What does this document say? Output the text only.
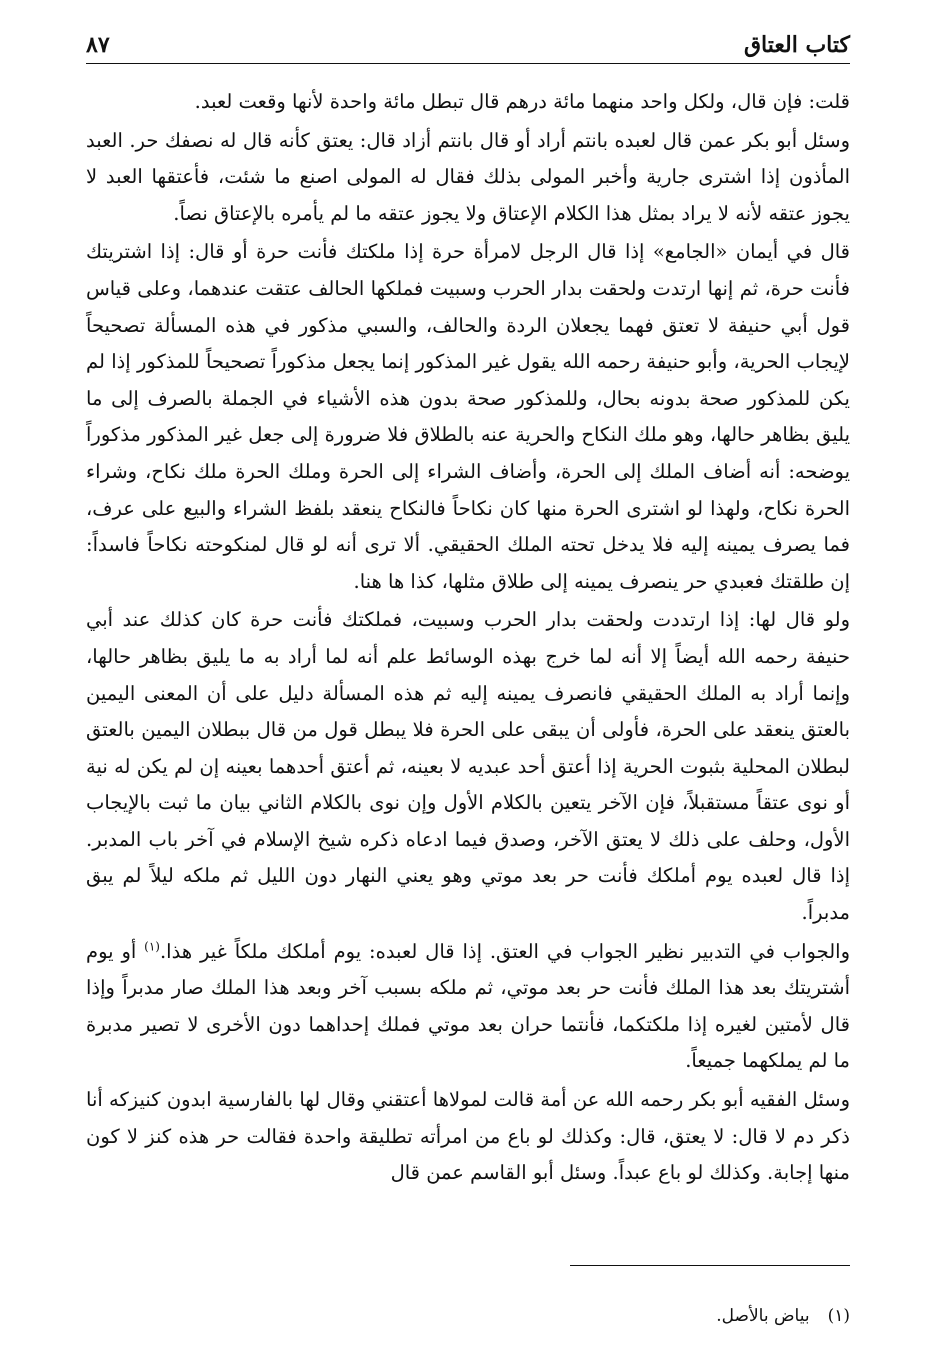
كتاب العتاق
٨٧

قلت: فإن قال، ولكل واحد منهما مائة درهم قال تبطل مائة واحدة لأنها وقعت لعبد.

وسئل أبو بكر عمن قال لعبده بانتم أراد أو قال بانتم أزاد قال: يعتق كأنه قال له نصفك حر. العبد المأذون إذا اشترى جارية وأخبر المولى بذلك فقال له المولى اصنع ما شئت، فأعتقها العبد لا يجوز عتقه لأنه لا يراد بمثل هذا الكلام الإعتاق ولا يجوز عتقه ما لم يأمره بالإعتاق نصاً.

قال في أيمان «الجامع» إذا قال الرجل لامرأة حرة إذا ملكتك فأنت حرة أو قال: إذا اشتريتك فأنت حرة، ثم إنها ارتدت ولحقت بدار الحرب وسبيت فملكها الحالف عتقت عندهما، وعلى قياس قول أبي حنيفة لا تعتق فهما يجعلان الردة والحالف، والسبي مذكور في هذه المسألة تصحيحاً لإيجاب الحرية، وأبو حنيفة رحمه الله يقول غير المذكور إنما يجعل مذكوراً تصحيحاً للمذكور إذا لم يكن للمذكور صحة بدونه بحال، وللمذكور صحة بدون هذه الأشياء في الجملة بالصرف إلى ما يليق بظاهر حالها، وهو ملك النكاح والحرية عنه بالطلاق فلا ضرورة إلى جعل غير المذكور مذكوراً يوضحه: أنه أضاف الملك إلى الحرة، وأضاف الشراء إلى الحرة وملك الحرة ملك نكاح، وشراء الحرة نكاح، ولهذا لو اشترى الحرة منها كان نكاحاً فالنكاح ينعقد بلفظ الشراء والبيع على عرف، فما يصرف يمينه إليه فلا يدخل تحته الملك الحقيقي. ألا ترى أنه لو قال لمنكوحته نكاحاً فاسداً: إن طلقتك فعبدي حر ينصرف يمينه إلى طلاق مثلها، كذا ها هنا.

ولو قال لها: إذا ارتددت ولحقت بدار الحرب وسبيت، فملكتك فأنت حرة كان كذلك عند أبي حنيفة رحمه الله أيضاً إلا أنه لما خرج بهذه الوسائط علم أنه لما أراد به ما يليق بظاهر حالها، وإنما أراد به الملك الحقيقي فانصرف يمينه إليه ثم هذه المسألة دليل على أن المعنى اليمين بالعتق ينعقد على الحرة، فأولى أن يبقى على الحرة فلا يبطل قول من قال ببطلان اليمين بالعتق لبطلان المحلية بثبوت الحرية إذا أعتق أحد عبديه لا بعينه، ثم أعتق أحدهما بعينه إن لم يكن له نية أو نوى عتقاً مستقبلاً، فإن الآخر يتعين بالكلام الأول وإن نوى بالكلام الثاني بيان ما ثبت بالإيجاب الأول، وحلف على ذلك لا يعتق الآخر، وصدق فيما ادعاه ذكره شيخ الإسلام في آخر باب المدبر. إذا قال لعبده يوم أملكك فأنت حر بعد موتي وهو يعني النهار دون الليل ثم ملكه ليلاً لم يبق مدبراً.

والجواب في التدبير نظير الجواب في العتق. إذا قال لعبده: يوم أملكك ملكاً غير هذا.$^{(١)}$ أو يوم أشتريتك بعد هذا الملك فأنت حر بعد موتي، ثم ملكه بسبب آخر وبعد هذا الملك صار مدبراً وإذا قال لأمتين لغيره إذا ملكتكما، فأنتما حران بعد موتي فملك إحداهما دون الأخرى لا تصير مدبرة ما لم يملكهما جميعاً.

وسئل الفقيه أبو بكر رحمه الله عن أمة قالت لمولاها أعتقني وقال لها بالفارسية ابدون كنيزكه أنا ذكر دم لا قال: لا يعتق، قال: وكذلك لو باع من امرأته تطليقة واحدة فقالت حر هذه كنز لا كون منها إجابة. وكذلك لو باع عبداً. وسئل أبو القاسم عمن قال

(١)بياض بالأصل.
